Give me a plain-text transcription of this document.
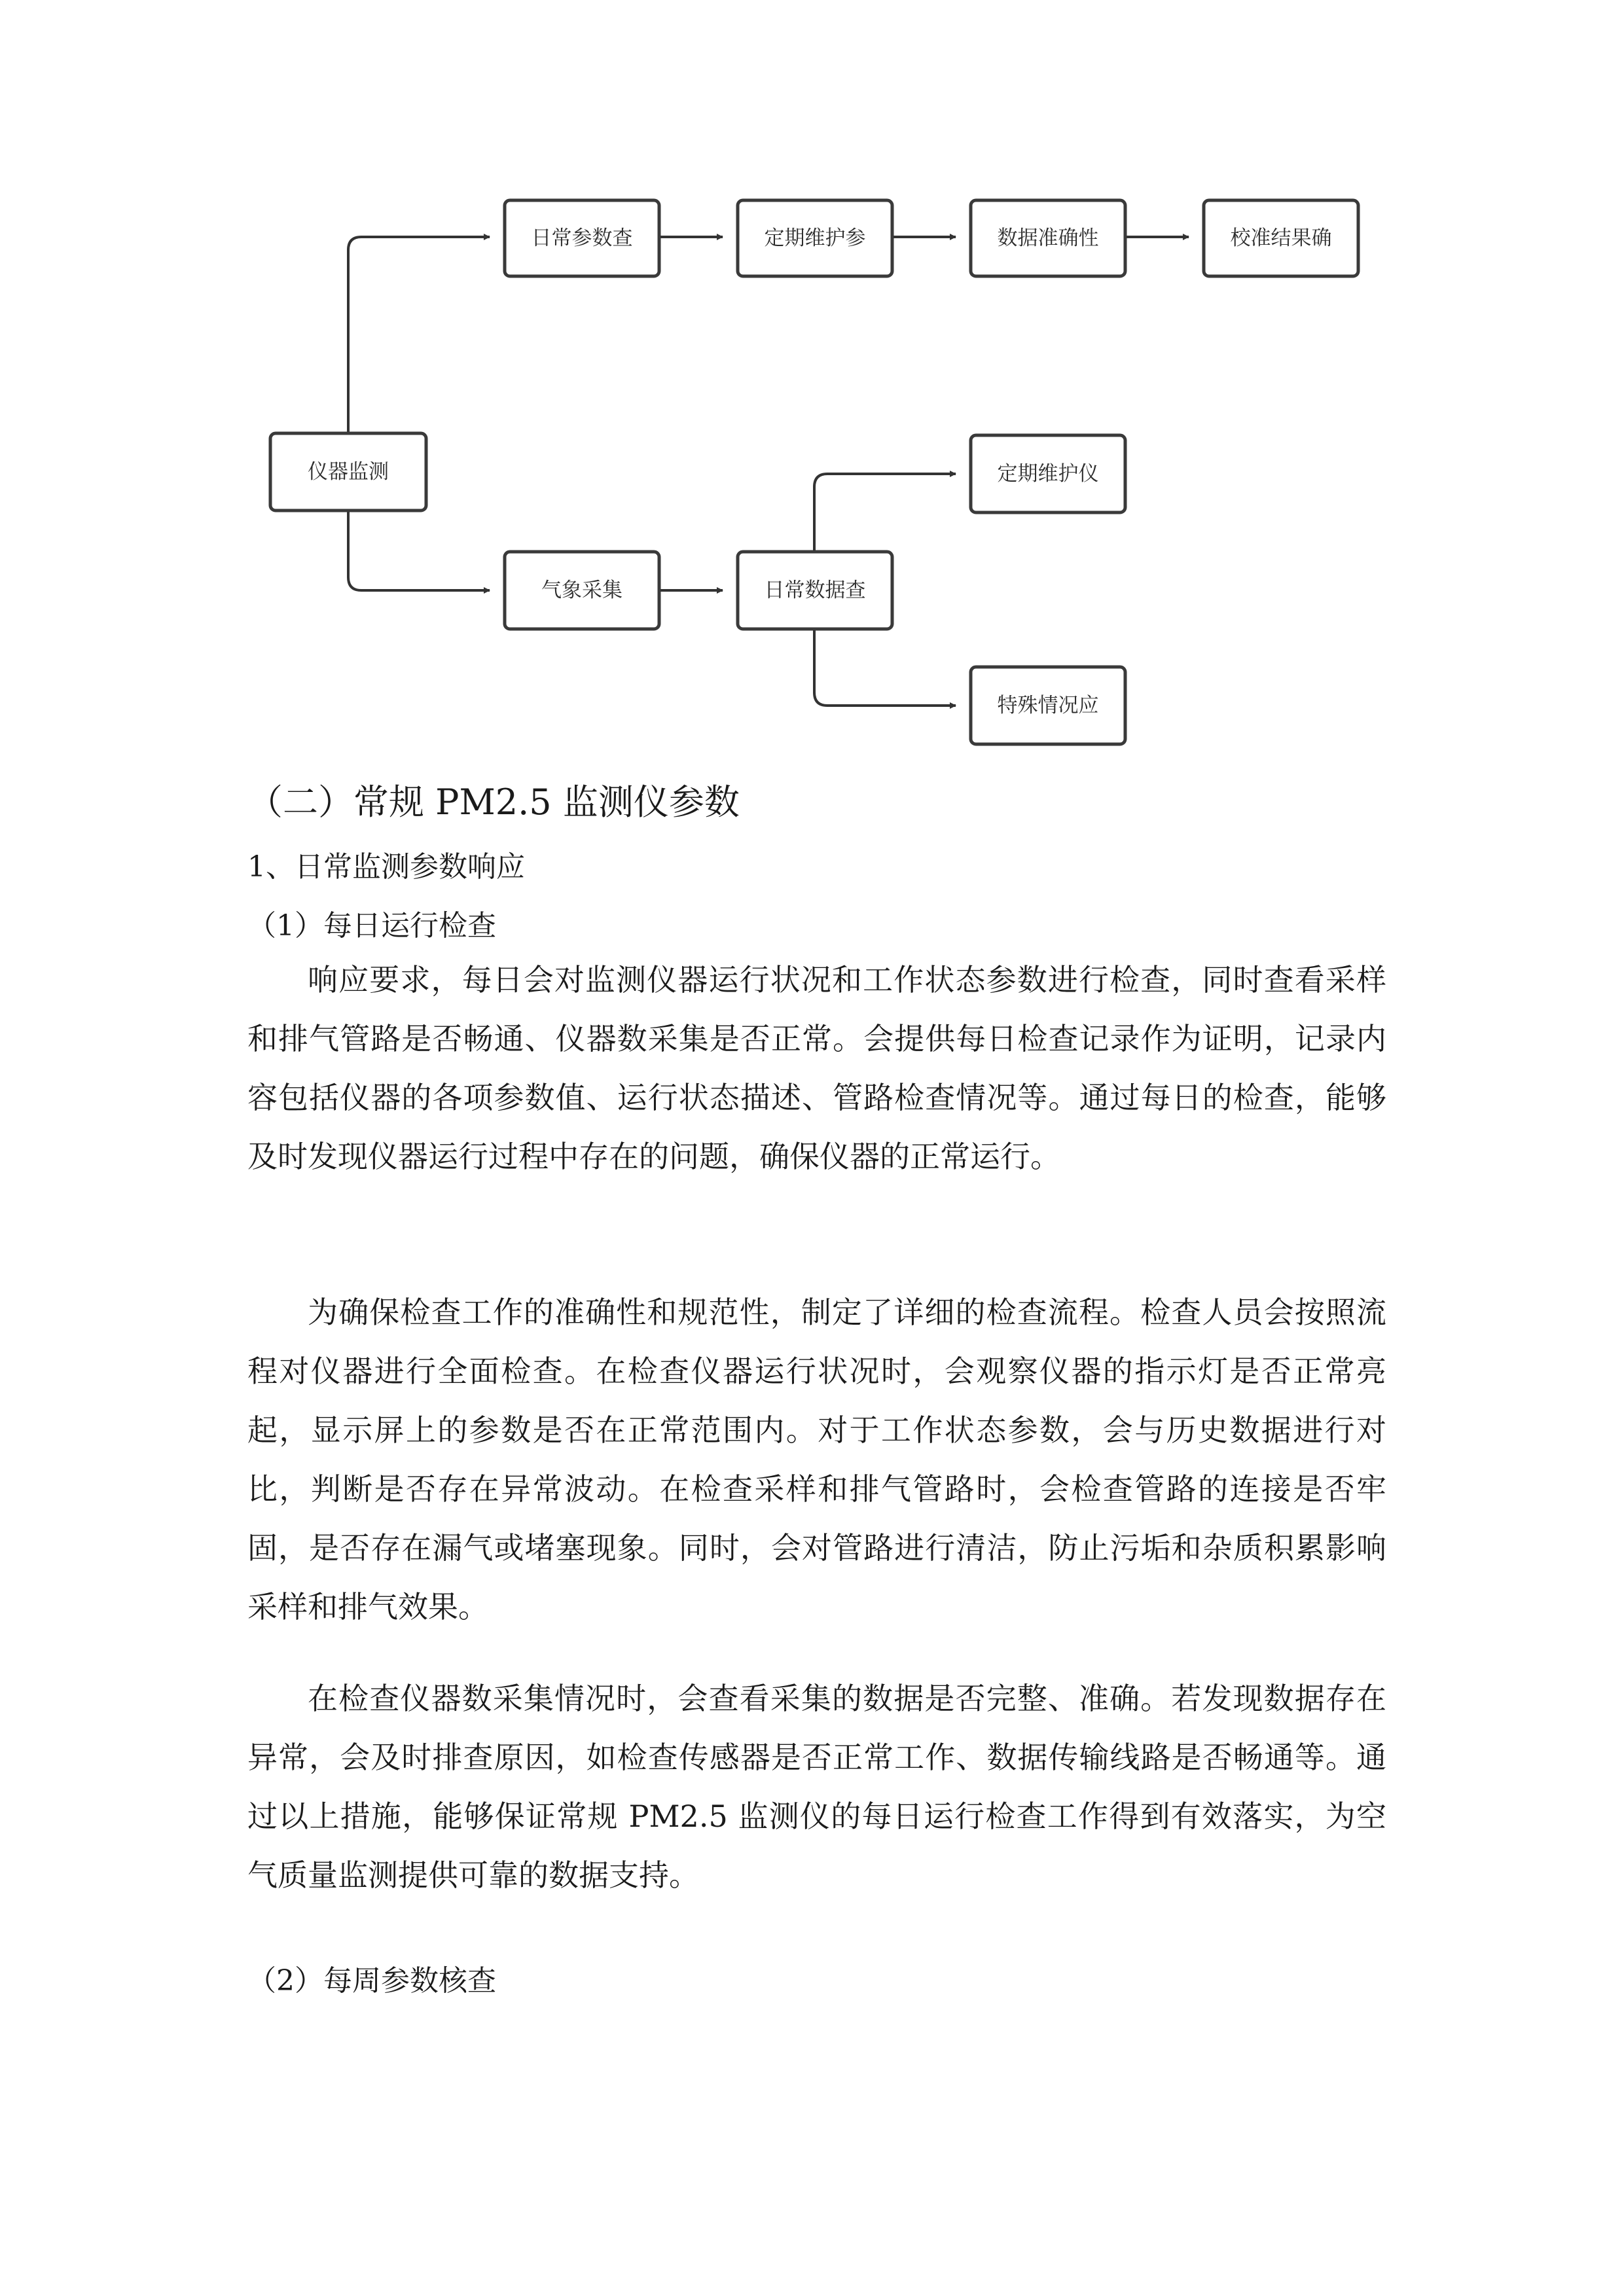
仪器监测
日常参数查	定期维护参	数据准确性	校准结果确
气象采集	日常数据查
定期维护仪
特殊情况应
（二）常规 PM2.5 监测仪参数
1、日常监测参数响应
（1）每日运行检查

响应要求，每日会对监测仪器运行状况和工作状态参数进行检查，同时查看采样和排气管路是否畅通、仪器数采集是否正常。会提供每日检查记录作为证明，记录内容包括仪器的各项参数值、运行状态描述、管路检查情况等。通过每日的检查，能够及时发现仪器运行过程中存在的问题，确保仪器的正常运行。

为确保检查工作的准确性和规范性，制定了详细的检查流程。检查人员会按照流程对仪器进行全面检查。在检查仪器运行状况时，会观察仪器的指示灯是否正常亮起，显示屏上的参数是否在正常范围内。对于工作状态参数，会与历史数据进行对比，判断是否存在异常波动。在检查采样和排气管路时，会检查管路的连接是否牢固，是否存在漏气或堵塞现象。同时，会对管路进行清洁，防止污垢和杂质积累影响采样和排气效果。

在检查仪器数采集情况时，会查看采集的数据是否完整、准确。若发现数据存在异常，会及时排查原因，如检查传感器是否正常工作、数据传输线路是否畅通等。通过以上措施，能够保证常规 PM2.5 监测仪的每日运行检查工作得到有效落实，为空气质量监测提供可靠的数据支持。

（2）每周参数核查
